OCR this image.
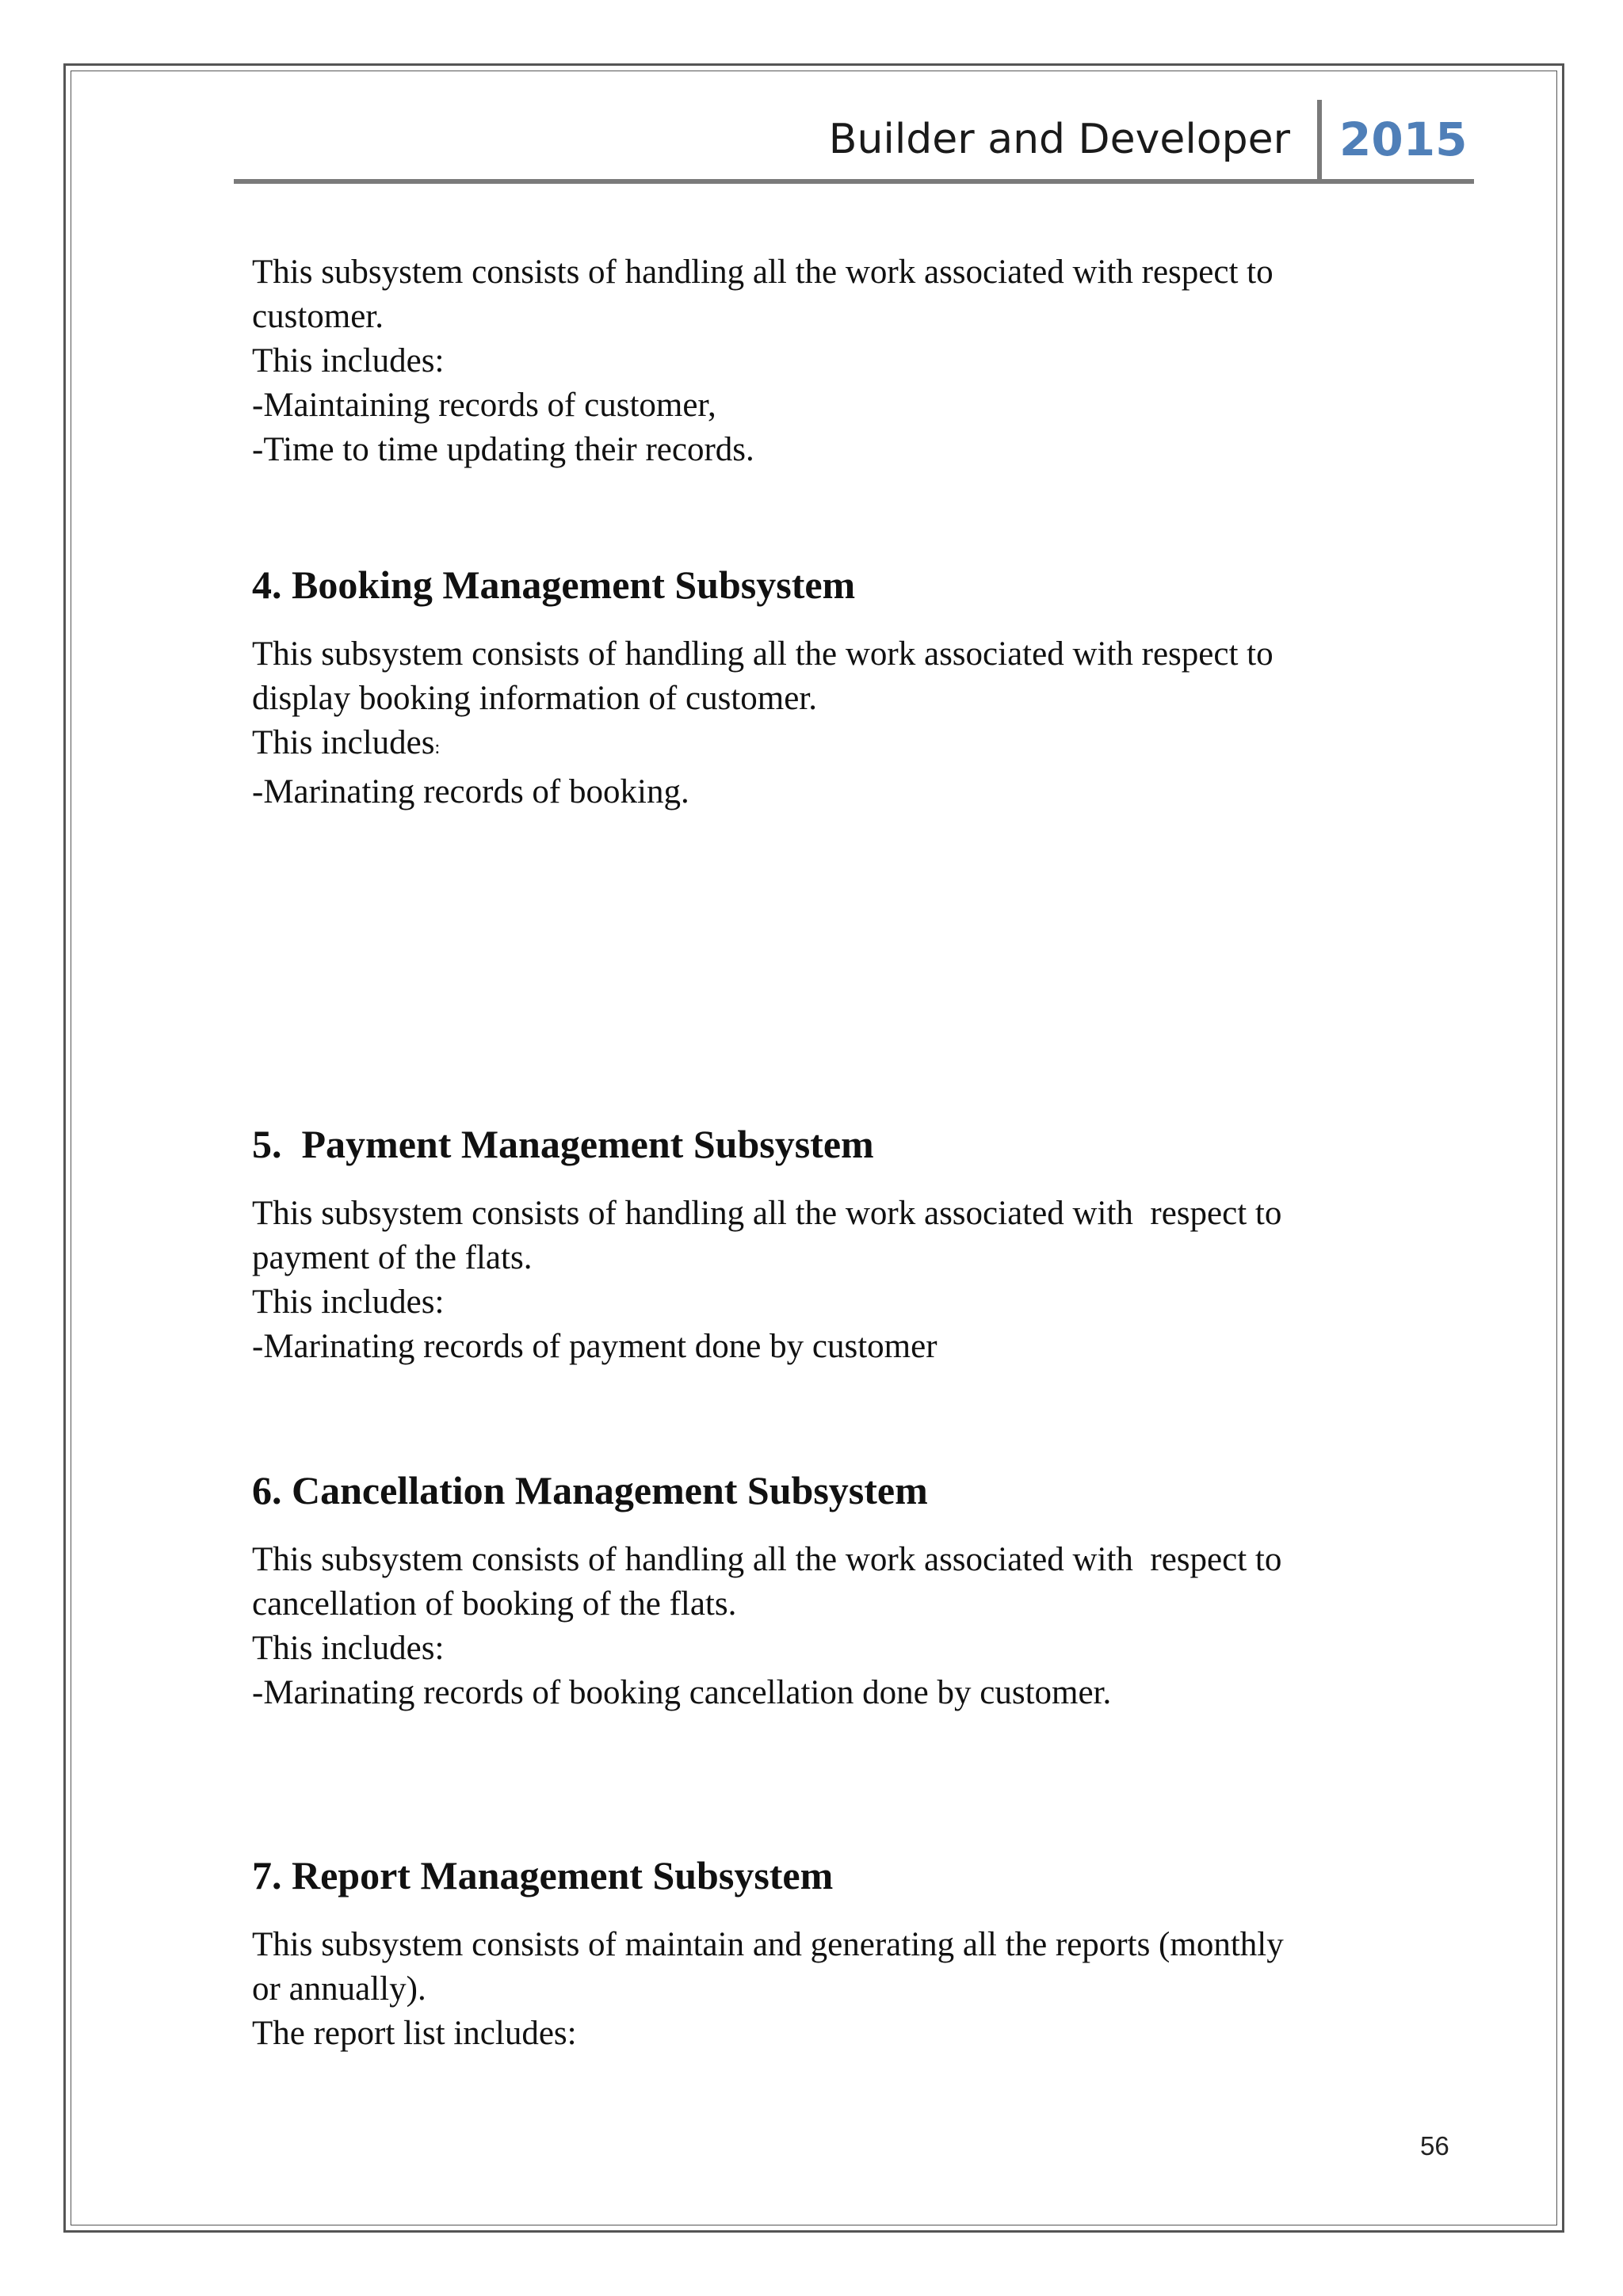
Builder and Developer 2015

This subsystem consists of handling all the work associated with respect to

customer.

This includes:

-Maintaining records of customer,

-Time to time updating their records.

4. Booking Management Subsystem

This subsystem consists of handling all the work associated with respect to

display booking information of customer.

This includes:

-Marinating records of booking.

5.  Payment Management Subsystem

This subsystem consists of handling all the work associated with  respect to

payment of the flats.

This includes:

-Marinating records of payment done by customer

6. Cancellation Management Subsystem

This subsystem consists of handling all the work associated with  respect to

cancellation of booking of the flats.

This includes:

-Marinating records of booking cancellation done by customer.

7. Report Management Subsystem

This subsystem consists of maintain and generating all the reports (monthly

or annually).

The report list includes:

56
